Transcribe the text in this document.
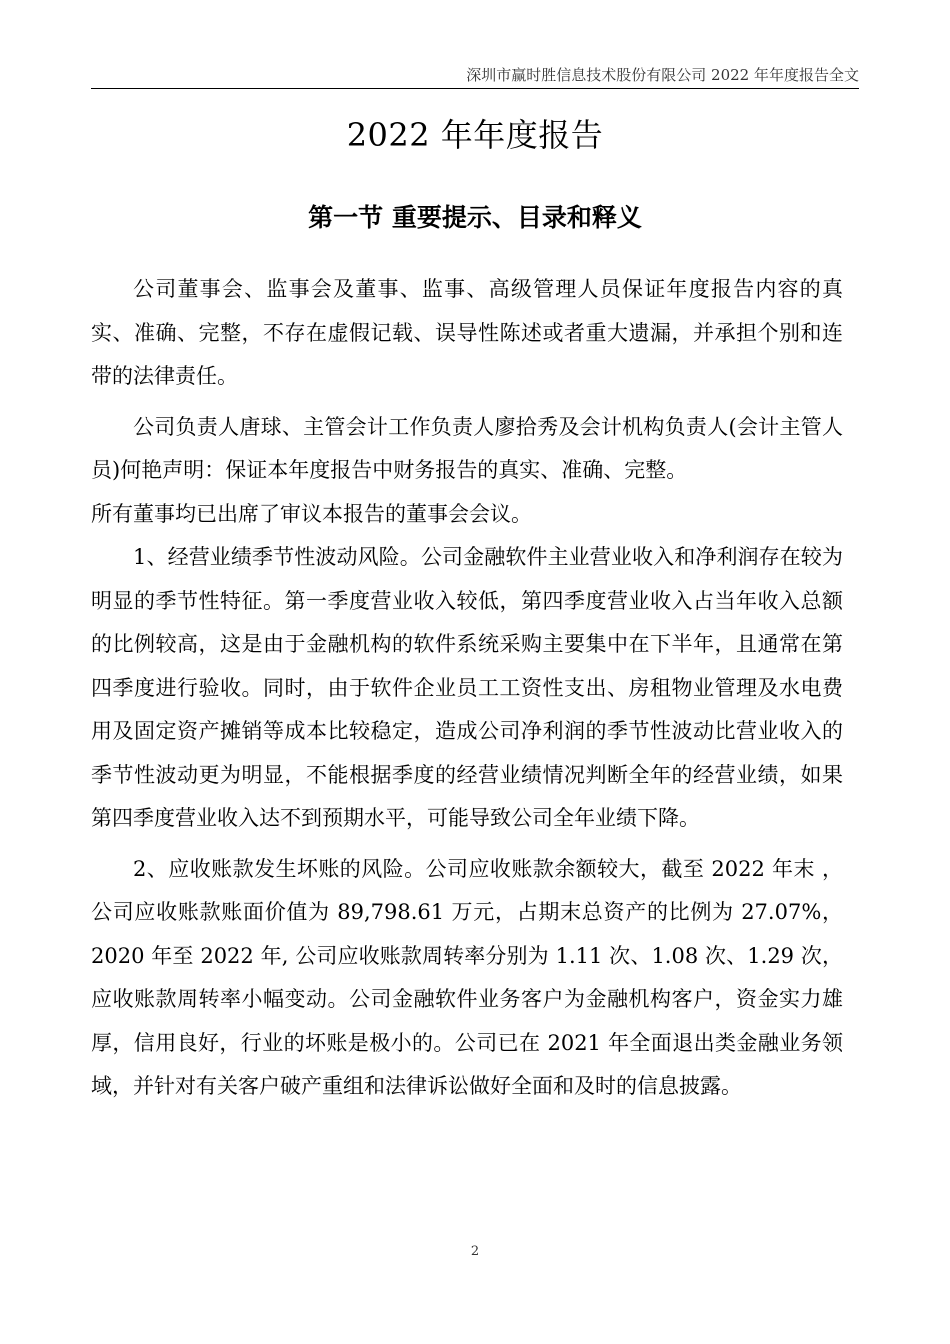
深圳市赢时胜信息技术股份有限公司 2022 年年度报告全文
2022 年年度报告
第一节 重要提示、目录和释义

公司董事会、监事会及董事、监事、高级管理人员保证年度报告内容的真实、准确、完整，不存在虚假记载、误导性陈述或者重大遗漏，并承担个别和连带的法律责任。

公司负责人唐球、主管会计工作负责人廖拾秀及会计机构负责人(会计主管人员)何艳声明：保证本年度报告中财务报告的真实、准确、完整。

所有董事均已出席了审议本报告的董事会会议。

1、经营业绩季节性波动风险。公司金融软件主业营业收入和净利润存在较为明显的季节性特征。第一季度营业收入较低，第四季度营业收入占当年收入总额的比例较高，这是由于金融机构的软件系统采购主要集中在下半年，且通常在第四季度进行验收。同时，由于软件企业员工工资性支出、房租物业管理及水电费用及固定资产摊销等成本比较稳定，造成公司净利润的季节性波动比营业收入的季节性波动更为明显，不能根据季度的经营业绩情况判断全年的经营业绩，如果第四季度营业收入达不到预期水平，可能导致公司全年业绩下降。

2、应收账款发生坏账的风险。公司应收账款余额较大，截至 2022 年末 ，公司应收账款账面价值为 89,798.61 万元，占期末总资产的比例为 27.07%，2020 年至 2022 年, 公司应收账款周转率分别为 1.11 次、1.08 次、1.29 次，应收账款周转率小幅变动。公司金融软件业务客户为金融机构客户，资金实力雄厚，信用良好，行业的坏账是极小的。公司已在 2021 年全面退出类金融业务领域，并针对有关客户破产重组和法律诉讼做好全面和及时的信息披露。

2
